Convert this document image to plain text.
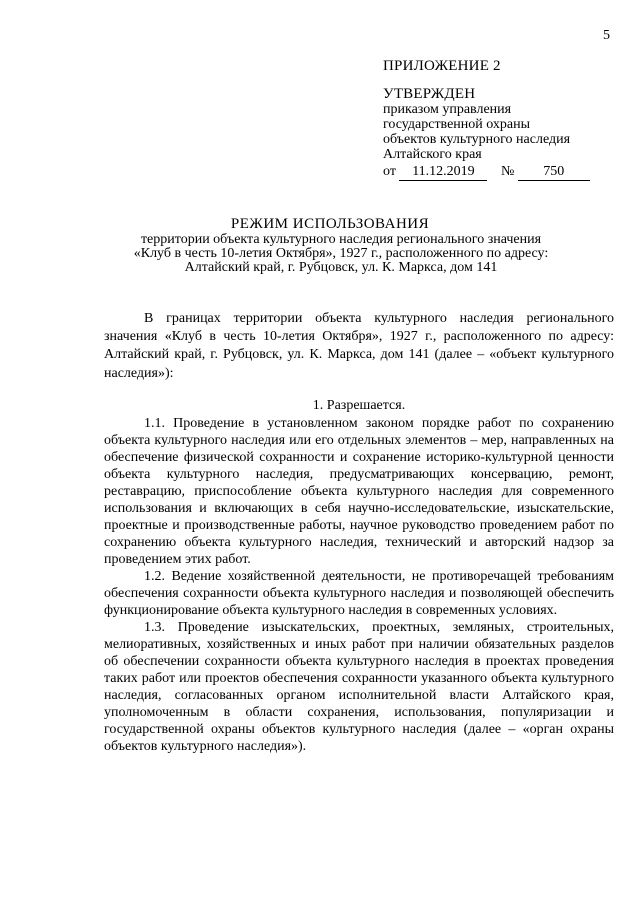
5
ПРИЛОЖЕНИЕ 2
УТВЕРЖДЕН
приказом управления
государственной охраны
объектов культурного наследия
Алтайского края
от 11.12.2019 № 750
РЕЖИМ ИСПОЛЬЗОВАНИЯ
территории объекта культурного наследия регионального значения
«Клуб в честь 10-летия Октября», 1927 г., расположенного по адресу:
Алтайский край, г. Рубцовск, ул. К. Маркса, дом 141

В границах территории объекта культурного наследия регионального значения «Клуб в честь 10-летия Октября», 1927 г., расположенного по адресу: Алтайский край, г. Рубцовск, ул. К. Маркса, дом 141 (далее – «объект культурного наследия»):

1. Разрешается.

1.1. Проведение в установленном законом порядке работ по сохранению объекта культурного наследия или его отдельных элементов – мер, направленных на обеспечение физической сохранности и сохранение историко-культурной ценности объекта культурного наследия, предусматривающих консервацию, ремонт, реставрацию, приспособление объекта культурного наследия для современного использования и включающих в себя научно-исследовательские, изыскательские, проектные и производственные работы, научное руководство проведением работ по сохранению объекта культурного наследия, технический и авторский надзор за проведением этих работ.

1.2. Ведение хозяйственной деятельности, не противоречащей требованиям обеспечения сохранности объекта культурного наследия и позволяющей обеспечить функционирование объекта культурного наследия в современных условиях.

1.3. Проведение изыскательских, проектных, земляных, строительных, мелиоративных, хозяйственных и иных работ при наличии обязательных разделов об обеспечении сохранности объекта культурного наследия в проектах проведения таких работ или проектов обеспечения сохранности указанного объекта культурного наследия, согласованных органом исполнительной власти Алтайского края, уполномоченным в области сохранения, использования, популяризации и государственной охраны объектов культурного наследия (далее – «орган охраны объектов культурного наследия»).
